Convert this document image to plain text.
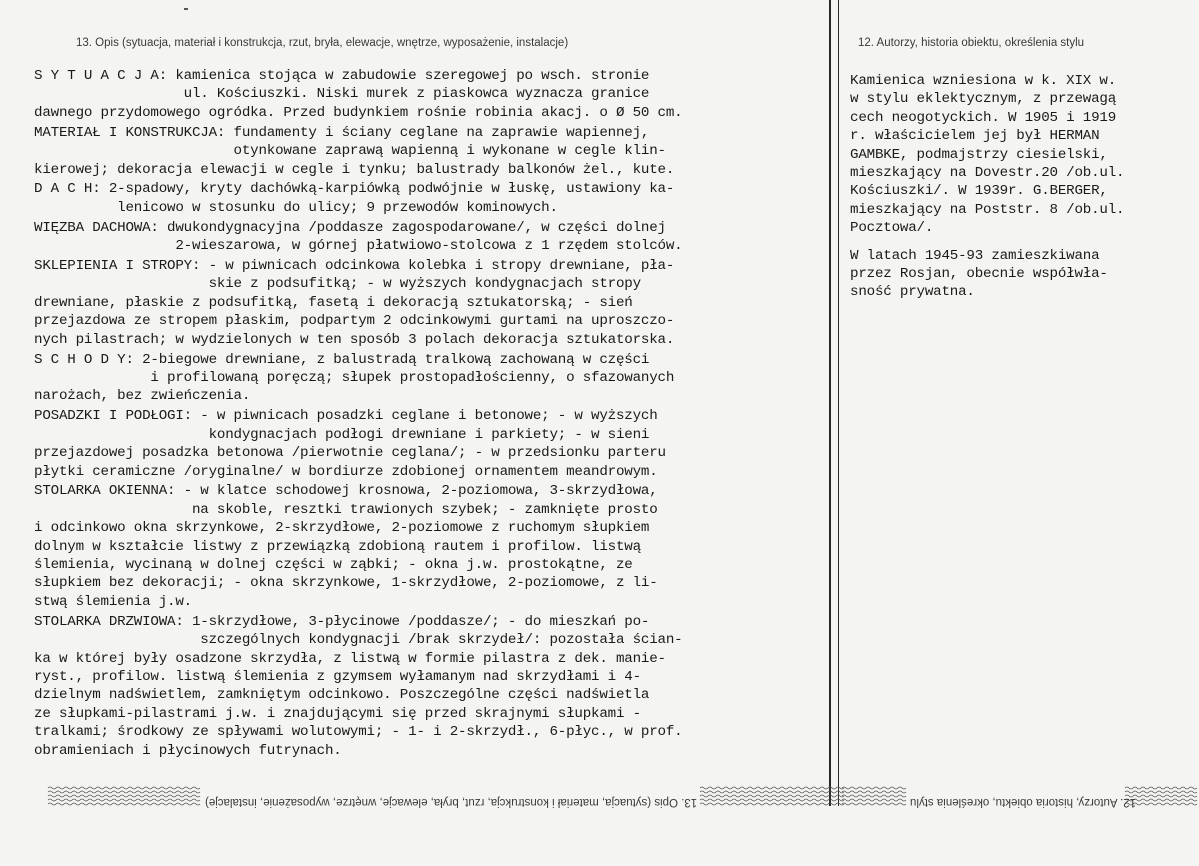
13. Opis (sytuacja, materiał i konstrukcja, rzut, bryła, elewacje, wnętrze, wyposażenie, instalacje)	12. Autorzy, historia obiektu, określenia stylu
S Y T U A C J A: kamienica stojąca w zabudowie szeregowej po wsch. stronie
ul. Kościuszki. Niski murek z piaskowca wyznacza granice
dawnego przydomowego ogródka. Przed budynkiem rośnie robinia akacj. o Ø 50 cm.
MATERIAŁ I KONSTRUKCJA: fundamenty i ściany ceglane na zaprawie wapiennej,
otynkowane zaprawą wapienną i wykonane w cegle klin-
kierowej; dekoracja elewacji w cegle i tynku; balustrady balkonów żel., kute.
D A C H: 2-spadowy, kryty dachówką-karpiówką podwójnie w łuskę, ustawiony ka-
lenicowo w stosunku do ulicy; 9 przewodów kominowych.
WIĘZBA DACHOWA: dwukondygnacyjna /poddasze zagospodarowane/, w części dolnej
2-wieszarowa, w górnej płatwiowo-stolcowa z 1 rzędem stolców.
SKLEPIENIA I STROPY: - w piwnicach odcinkowa kolebka i stropy drewniane, pła-
skie z podsufitką; - w wyższych kondygnacjach stropy
drewniane, płaskie z podsufitką, fasetą i dekoracją sztukatorską; - sień
przejazdowa ze stropem płaskim, podpartym 2 odcinkowymi gurtami na uproszczo-
nych pilastrach; w wydzielonych w ten sposób 3 polach dekoracja sztukatorska.
S C H O D Y: 2-biegowe drewniane, z balustradą tralkową zachowaną w części
i profilowaną poręczą; słupek prostopadłościenny, o sfazowanych
narożach, bez zwieńczenia.
POSADZKI I PODŁOGI: - w piwnicach posadzki ceglane i betonowe; - w wyższych
kondygnacjach podłogi drewniane i parkiety; - w sieni
przejazdowej posadzka betonowa /pierwotnie ceglana/; - w przedsionku parteru
płytki ceramiczne /oryginalne/ w bordiurze zdobionej ornamentem meandrowym.
STOLARKA OKIENNA: - w klatce schodowej krosnowa, 2-poziomowa, 3-skrzydłowa,
na skoble, resztki trawionych szybek; - zamknięte prosto
i odcinkowo okna skrzynkowe, 2-skrzydłowe, 2-poziomowe z ruchomym słupkiem
dolnym w kształcie listwy z przewiązką zdobioną rautem i profilow. listwą
ślemienia, wycinaną w dolnej części w ząbki; - okna j.w. prostokątne, ze
słupkiem bez dekoracji; - okna skrzynkowe, 1-skrzydłowe, 2-poziomowe, z li-
stwą ślemienia j.w.
STOLARKA DRZWIOWA: 1-skrzydłowe, 3-płycinowe /poddasze/; - do mieszkań po-
szczególnych kondygnacji /brak skrzydeł/: pozostała ścian-
ka w której były osadzone skrzydła, z listwą w formie pilastra z dek. manie-
ryst., profilow. listwą ślemienia z gzymsem wyłamanym nad skrzydłami i 4-
dzielnym nadświetlem, zamkniętym odcinkowo. Poszczególne części nadświetla
ze słupkami-pilastrami j.w. i znajdującymi się przed skrajnymi słupkami -
tralkami; środkowy ze spływami wolutowymi; - 1- i 2-skrzydł., 6-płyc., w prof.
obramieniach i płycinowych futrynach.
Kamienica wzniesiona w k. XIX w.
w stylu eklektycznym, z przewagą
cech neogotyckich. W 1905 i 1919
r. właścicielem jej był HERMAN
GAMBKE, podmajstrzy ciesielski,
mieszkający na Dovestr.20 /ob.ul.
Kościuszki/. W 1939r. G.BERGER,
mieszkający na Poststr. 8 /ob.ul.
Pocztowa/.
W latach 1945-93 zamieszkiwana
przez Rosjan, obecnie współwła-
sność prywatna.
13. Opis (sytuacja, materiał i konstrukcja, rzut, bryła, elewacje, wnętrze, wyposażenie, instalacje)	12. Autorzy, historia obiektu, określenia stylu
